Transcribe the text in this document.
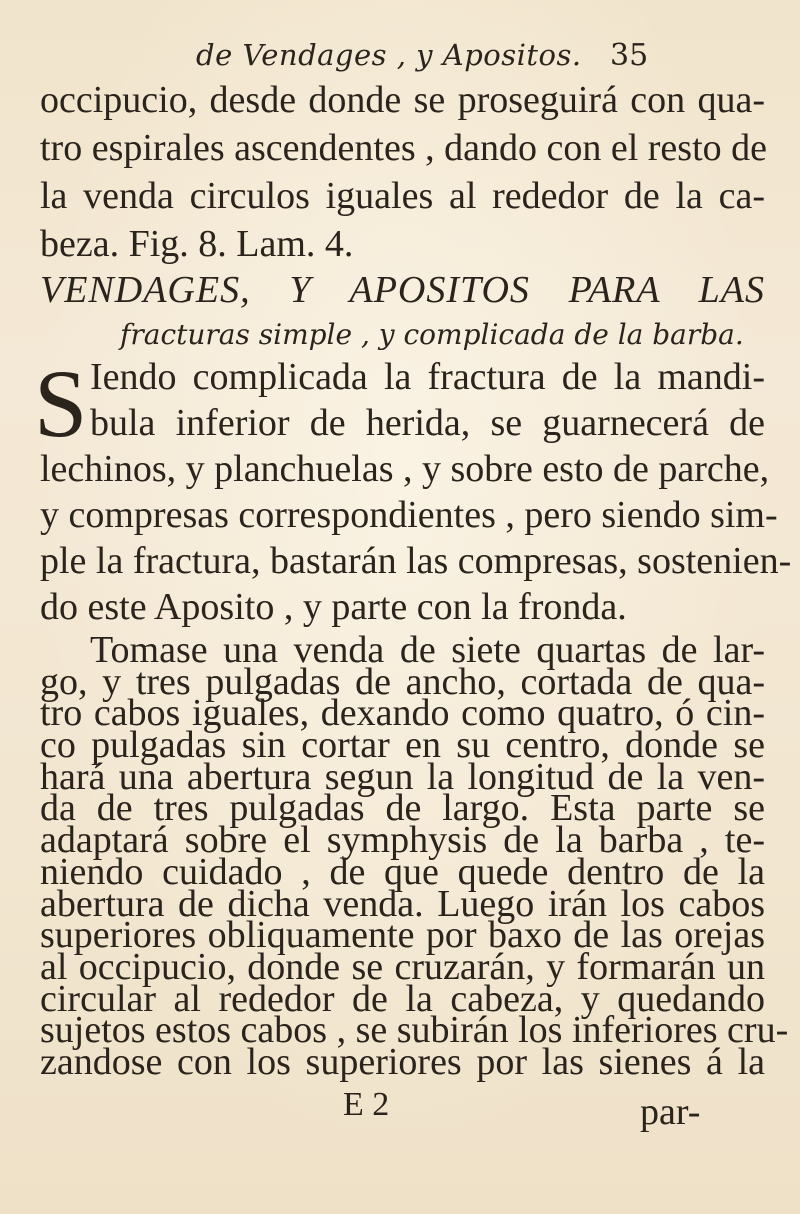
de Vendages , y Apositos. 35
occipucio, desde donde se proseguirá con qua-
tro espirales ascendentes , dando con el resto de
la venda circulos iguales al rededor de la ca-
beza. Fig. 8. Lam. 4.
VENDAGES, Y APOSITOS PARA LAS
fracturas simple , y complicada de la barba.
S Iendo complicada la fractura de la mandi-
bula inferior de herida, se guarnecerá de
lechinos, y planchuelas , y sobre esto de parche,
y compresas correspondientes , pero siendo sim-
ple la fractura, bastarán las compresas, sostenien-
do este Aposito , y parte con la fronda.
E 2	par-
Tomase una venda de siete quartas de lar-
go, y tres pulgadas de ancho, cortada de qua-
tro cabos iguales, dexando como quatro, ó cin-
co pulgadas sin cortar en su centro, donde se
hará una abertura segun la longitud de la ven-
da de tres pulgadas de largo. Esta parte se
adaptará sobre el symphysis de la barba , te-
niendo cuidado , de que quede dentro de la
abertura de dicha venda. Luego irán los cabos
superiores obliquamente por baxo de las orejas
al occipucio, donde se cruzarán, y formarán un
circular al rededor de la cabeza, y quedando
sujetos estos cabos , se subirán los inferiores cru-
zandose con los superiores por las sienes á la
